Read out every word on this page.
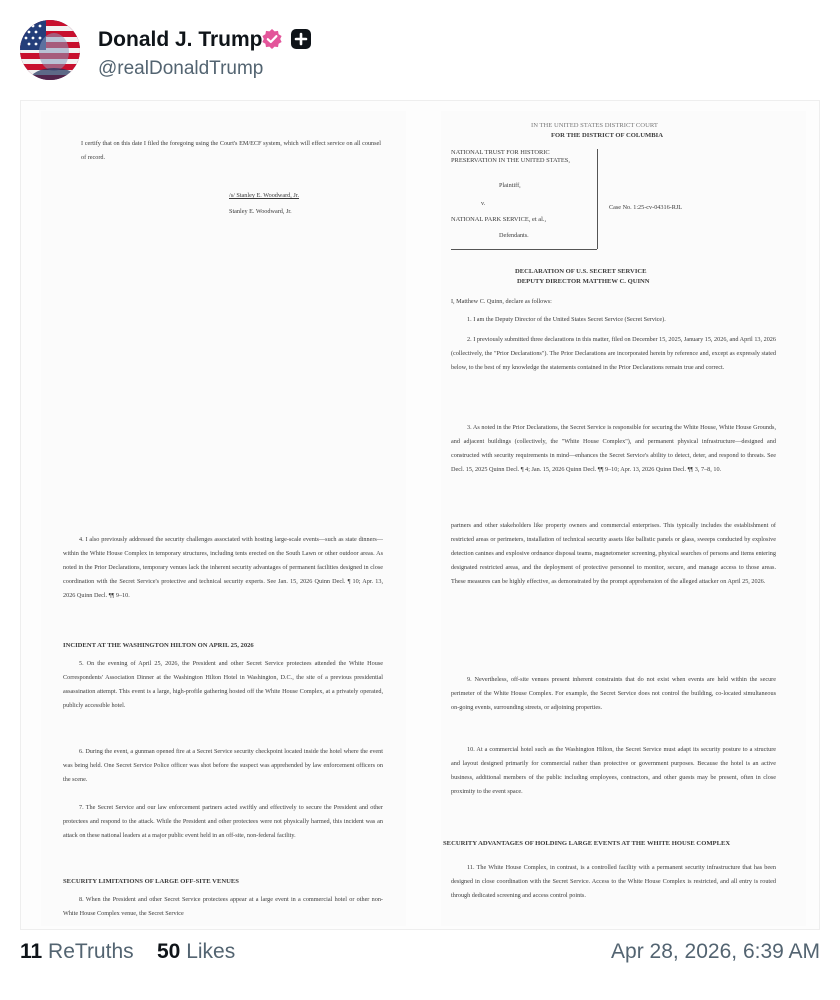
Donald J. Trump
@realDonaldTrump
I certify that on this date I filed the foregoing using the Court's EM/ECF system, which will effect service on all counsel of record.
/s/ Stanley E. Woodward, Jr.
Stanley E. Woodward, Jr.
4. I also previously addressed the security challenges associated with hosting large-scale events—such as state dinners—within the White House Complex in temporary structures, including tents erected on the South Lawn or other outdoor areas. As noted in the Prior Declarations, temporary venues lack the inherent security advantages of permanent facilities designed in close coordination with the Secret Service's protective and technical security experts. See Jan. 15, 2026 Quinn Decl. ¶ 10; Apr. 13, 2026 Quinn Decl. ¶¶ 9–10.
INCIDENT AT THE WASHINGTON HILTON ON APRIL 25, 2026
5. On the evening of April 25, 2026, the President and other Secret Service protectees attended the White House Correspondents' Association Dinner at the Washington Hilton Hotel in Washington, D.C., the site of a previous presidential assassination attempt. This event is a large, high-profile gathering hosted off the White House Complex, at a privately operated, publicly accessible hotel.
6. During the event, a gunman opened fire at a Secret Service security checkpoint located inside the hotel where the event was being held. One Secret Service Police officer was shot before the suspect was apprehended by law enforcement officers on the scene.
7. The Secret Service and our law enforcement partners acted swiftly and effectively to secure the President and other protectees and respond to the attack. While the President and other protectees were not physically harmed, this incident was an attack on these national leaders at a major public event held in an off-site, non-federal facility.
SECURITY LIMITATIONS OF LARGE OFF-SITE VENUES
8. When the President and other Secret Service protectees appear at a large event in a commercial hotel or other non-White House Complex venue, the Secret Service
IN THE UNITED STATES DISTRICT COURT
FOR THE DISTRICT OF COLUMBIA
NATIONAL TRUST FOR HISTORIC PRESERVATION IN THE UNITED STATES,
Plaintiff,
v.
NATIONAL PARK SERVICE, et al.,
Defendants.
Case No. 1:25-cv-04316-RJL
DECLARATION OF U.S. SECRET SERVICE
DEPUTY DIRECTOR MATTHEW C. QUINN
I, Matthew C. Quinn, declare as follows:
1. I am the Deputy Director of the United States Secret Service (Secret Service).
2. I previously submitted three declarations in this matter, filed on December 15, 2025, January 15, 2026, and April 13, 2026 (collectively, the "Prior Declarations"). The Prior Declarations are incorporated herein by reference and, except as expressly stated below, to the best of my knowledge the statements contained in the Prior Declarations remain true and correct.
3. As noted in the Prior Declarations, the Secret Service is responsible for securing the White House, White House Grounds, and adjacent buildings (collectively, the "White House Complex"), and permanent physical infrastructure—designed and constructed with security requirements in mind—enhances the Secret Service's ability to detect, deter, and respond to threats. See Decl. 15, 2025 Quinn Decl. ¶ 4; Jan. 15, 2026 Quinn Decl. ¶¶ 9–10; Apr. 13, 2026 Quinn Decl. ¶¶ 3, 7–8, 10.
partners and other stakeholders like property owners and commercial enterprises. This typically includes the establishment of restricted areas or perimeters, installation of technical security assets like ballistic panels or glass, sweeps conducted by explosive detection canines and explosive ordnance disposal teams, magnetometer screening, physical searches of persons and items entering designated restricted areas, and the deployment of protective personnel to monitor, secure, and manage access to those areas. These measures can be highly effective, as demonstrated by the prompt apprehension of the alleged attacker on April 25, 2026.
9. Nevertheless, off-site venues present inherent constraints that do not exist when events are held within the secure perimeter of the White House Complex. For example, the Secret Service does not control the building, co-located simultaneous on-going events, surrounding streets, or adjoining properties.
10. At a commercial hotel such as the Washington Hilton, the Secret Service must adapt its security posture to a structure and layout designed primarily for commercial rather than protective or government purposes. Because the hotel is an active business, additional members of the public including employees, contractors, and other guests may be present, often in close proximity to the event space.
SECURITY ADVANTAGES OF HOLDING LARGE EVENTS AT THE WHITE HOUSE COMPLEX
11. The White House Complex, in contrast, is a controlled facility with a permanent security infrastructure that has been designed in close coordination with the Secret Service. Access to the White House Complex is restricted, and all entry is routed through dedicated screening and access control points.
11 ReTruths 50 Likes	Apr 28, 2026, 6:39 AM
